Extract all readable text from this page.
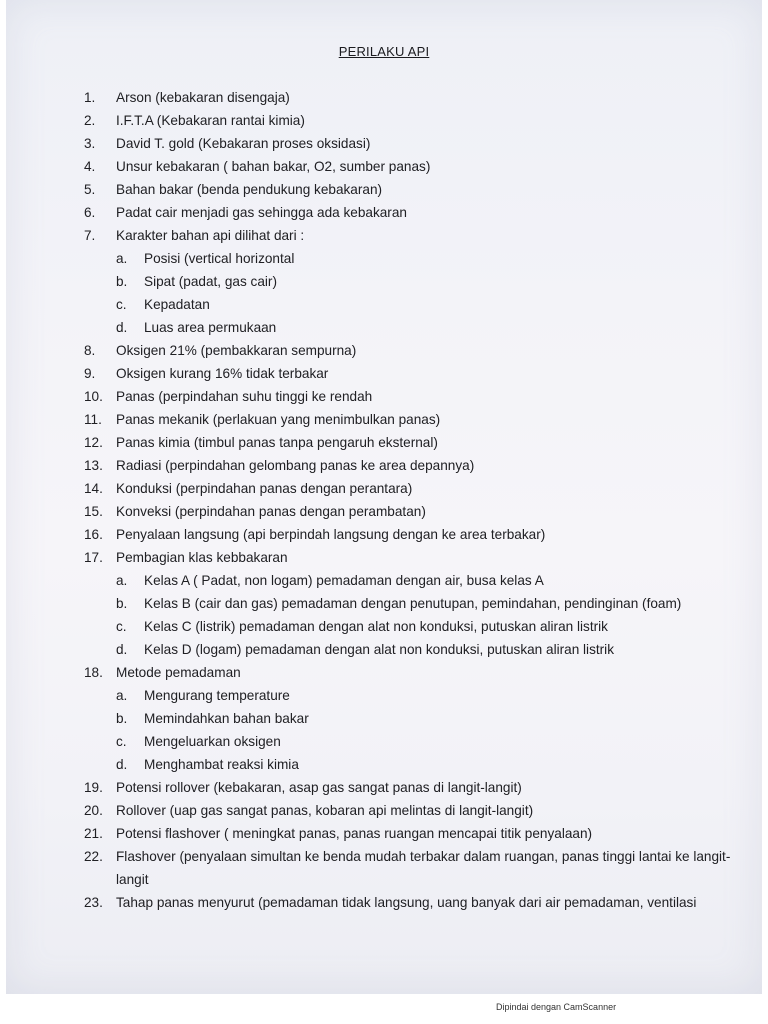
PERILAKU API
1.	Arson (kebakaran disengaja)
2.	I.F.T.A (Kebakaran rantai kimia)
3.	David T. gold (Kebakaran proses oksidasi)
4.	Unsur kebakaran ( bahan bakar, O2, sumber panas)
5.	Bahan bakar (benda pendukung kebakaran)
6.	Padat cair menjadi gas sehingga ada kebakaran
7.	Karakter bahan api dilihat dari :
a.	Posisi (vertical horizontal
b.	Sipat (padat, gas cair)
c.	Kepadatan
d.	Luas area permukaan
8.	Oksigen 21% (pembakkaran sempurna)
9.	Oksigen kurang 16% tidak terbakar
10. Panas (perpindahan suhu tinggi ke rendah
11.	Panas mekanik (perlakuan yang menimbulkan panas)
12. Panas kimia (timbul panas tanpa pengaruh eksternal)
13. Radiasi (perpindahan gelombang panas ke area depannya)
14. Konduksi (perpindahan panas dengan perantara)
15. Konveksi (perpindahan panas dengan perambatan)
16. Penyalaan langsung (api berpindah langsung dengan ke area terbakar)
17. Pembagian klas kebbakaran
a.	Kelas A ( Padat, non logam) pemadaman dengan air, busa kelas A
b.	Kelas B (cair dan gas) pemadaman dengan penutupan, pemindahan, pendinginan (foam)
c.	Kelas C (listrik) pemadaman dengan alat non konduksi, putuskan aliran listrik
d.	Kelas D (logam) pemadaman dengan alat non konduksi, putuskan aliran listrik
18. Metode pemadaman
a.	Mengurang temperature
b.	Memindahkan bahan bakar
c.	Mengeluarkan oksigen
d.	Menghambat reaksi kimia
19. Potensi rollover (kebakaran, asap gas sangat panas di langit-langit)
20. Rollover (uap gas sangat panas, kobaran api melintas di langit-langit)
21. Potensi flashover ( meningkat panas, panas ruangan mencapai titik penyalaan)
22. Flashover (penyalaan simultan ke benda mudah terbakar dalam ruangan, panas tinggi lantai ke langit-langit
23. Tahap panas menyurut (pemadaman tidak langsung, uang banyak dari air pemadaman, ventilasi
Dipindai dengan CamScanner
